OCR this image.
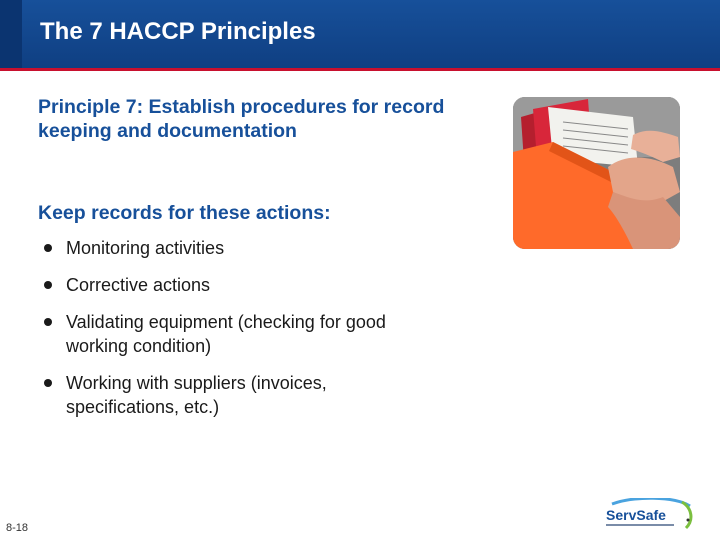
The 7 HACCP Principles
Principle 7: Establish procedures for record keeping and documentation
Keep records for these actions:
Monitoring activities
Corrective actions
Validating equipment (checking for good working condition)
Working with suppliers (invoices, specifications, etc.)
8-18
ServSafe
